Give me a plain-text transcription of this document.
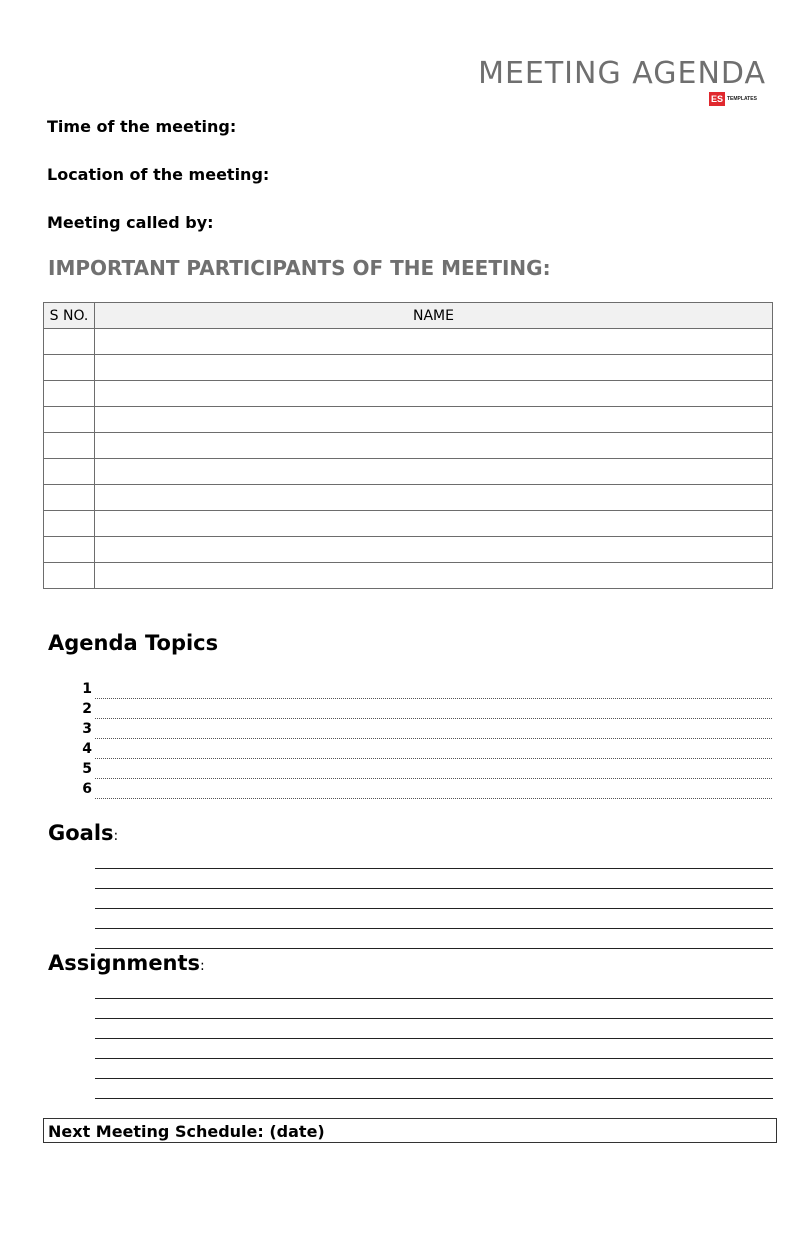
MEETING AGENDA
ES TEMPLATES
Time of the meeting:
Location of the meeting:
Meeting called by:
IMPORTANT PARTICIPANTS OF THE MEETING:
S NO.	NAME

Agenda Topics
1
2
3
4
5
6
Goals:
Assignments:
Next Meeting Schedule: (date)
